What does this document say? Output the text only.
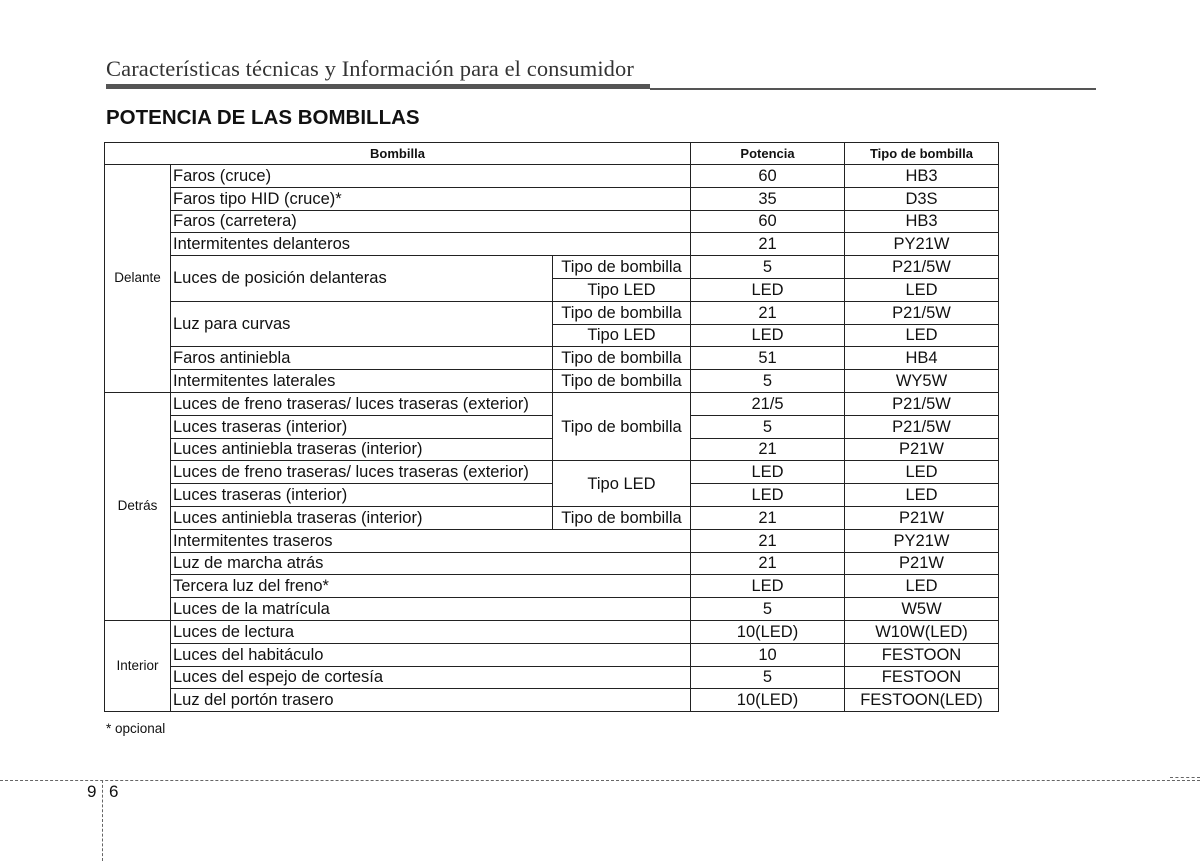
Características técnicas y Información para el consumidor
POTENCIA DE LAS BOMBILLAS
Bombilla			Potencia	Tipo de bombilla
Delante	Faros (cruce)		60	HB3
	Faros tipo HID (cruce)*		35	D3S
	Faros (carretera)		60	HB3
	Intermitentes delanteros		21	PY21W
	Luces de posición delanteras	Tipo de bombilla	5	P21/5W
		Tipo LED	LED	LED
	Luz para curvas	Tipo de bombilla	21	P21/5W
		Tipo LED	LED	LED
	Faros antiniebla	Tipo de bombilla	51	HB4
	Intermitentes laterales	Tipo de bombilla	5	WY5W
Detrás	Luces de freno traseras/ luces traseras (exterior)	Tipo de bombilla	21/5	P21/5W
	Luces traseras (interior)		5	P21/5W
	Luces antiniebla traseras (interior)		21	P21W
	Luces de freno traseras/ luces traseras (exterior)	Tipo LED	LED	LED
	Luces traseras (interior)		LED	LED
	Luces antiniebla traseras (interior)	Tipo de bombilla	21	P21W
	Intermitentes traseros		21	PY21W
	Luz de marcha atrás		21	P21W
	Tercera luz del freno*		LED	LED
	Luces de la matrícula		5	W5W
Interior	Luces de lectura		10(LED)	W10W(LED)
	Luces del habitáculo		10	FESTOON
	Luces del espejo de cortesía		5	FESTOON
	Luz del portón trasero		10(LED)	FESTOON(LED)
* opcional
9 6
